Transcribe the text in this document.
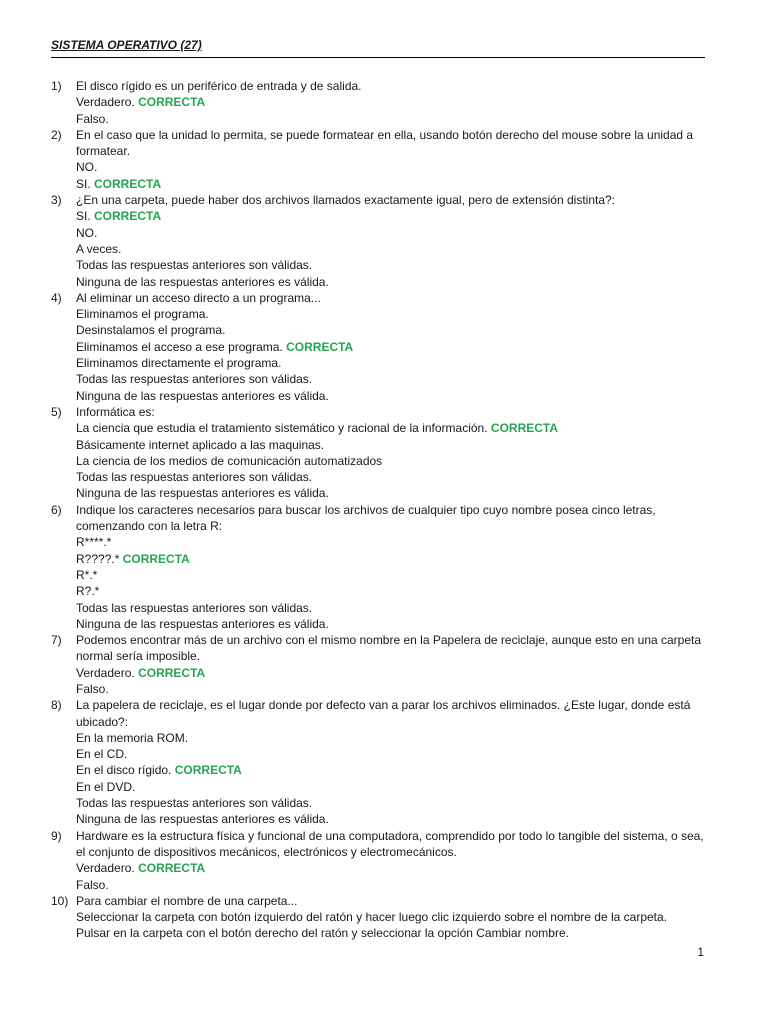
SISTEMA OPERATIVO (27)
1) El disco rígido es un periférico de entrada y de salida.
Verdadero. CORRECTA
Falso.
2) En el caso que la unidad lo permita, se puede formatear en ella, usando botón derecho del mouse sobre la unidad a formatear.
NO.
SI. CORRECTA
3) ¿En una carpeta, puede haber dos archivos llamados exactamente igual, pero de extensión distinta?:
SI. CORRECTA
NO.
A veces.
Todas las respuestas anteriores son válidas.
Ninguna de las respuestas anteriores es válida.
4) Al eliminar un acceso directo a un programa...
Eliminamos el programa.
Desinstalamos el programa.
Eliminamos el acceso a ese programa. CORRECTA
Eliminamos directamente el programa.
Todas las respuestas anteriores son válidas.
Ninguna de las respuestas anteriores es válida.
5) Informática es:
La ciencia que estudia el tratamiento sistemático y racional de la información. CORRECTA
Básicamente internet aplicado a las maquinas.
La ciencia de los medios de comunicación automatizados
Todas las respuestas anteriores son válidas.
Ninguna de las respuestas anteriores es válida.
6) Indique los caracteres necesarios para buscar los archivos de cualquier tipo cuyo nombre posea cinco letras, comenzando con la letra R:
R****.*
R????.* CORRECTA
R*.*
R?.*
Todas las respuestas anteriores son válidas.
Ninguna de las respuestas anteriores es válida.
7) Podemos encontrar más de un archivo con el mismo nombre en la Papelera de reciclaje, aunque esto en una carpeta normal sería imposible.
Verdadero. CORRECTA
Falso.
8) La papelera de reciclaje, es el lugar donde por defecto van a parar los archivos eliminados. ¿Este lugar, donde está ubicado?:
En la memoria ROM.
En el CD.
En el disco rígido. CORRECTA
En el DVD.
Todas las respuestas anteriores son válidas.
Ninguna de las respuestas anteriores es válida.
9) Hardware es la estructura física y funcional de una computadora, comprendido por todo lo tangible del sistema, o sea, el conjunto de dispositivos mecánicos, electrónicos y electromecánicos.
Verdadero. CORRECTA
Falso.
10) Para cambiar el nombre de una carpeta...
Seleccionar la carpeta con botón izquierdo del ratón y hacer luego clic izquierdo sobre el nombre de la carpeta.
Pulsar en la carpeta con el botón derecho del ratón y seleccionar la opción Cambiar nombre.
1
